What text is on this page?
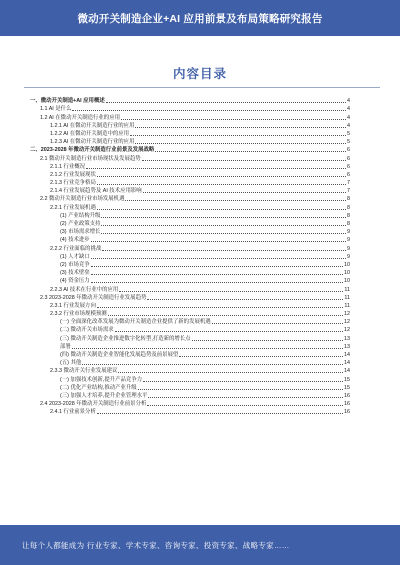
微动开关制造企业+AI 应用前景及布局策略研究报告
内容目录
一、微动开关制造+AI 应用概述	4
1.1 AI 是什么	4
1.2 AI 在微动开关制造行业的应用	4
1.2.1 AI 在微动开关制造行业的应用	4
1.2.2 AI 在微动开关制造中的应用	5
1.2.3 AI 在微动开关制造行业的应用	5
二、2023-2028 年微动开关制造行业前景及发展战略	6
2.1 微动开关制造行业市场现状及发展趋势	6
2.1.1 行业概况	6
2.1.2 行业发展现状	6
2.1.3 行业竞争格局	7
2.1.4 行业发展趋势及 AI 技术应用影响	7
2.2 微动开关制造行业市场发展机遇	8
2.2.1 行业发展机遇	8
(1) 产业结构升级	8
(2) 产业政策支持	8
(3) 市场需求增长	9
(4) 技术进步	9
2.2.2 行业面临的挑战	9
(1) 人才缺口	9
(2) 市场竞争	10
(3) 技术壁垒	10
(4) 资金压力	10
2.2.3 AI 技术在行业中的应用	11
2.3 2023-2028 年微动开关制造行业发展趋势	11
2.3.1 行业发展方向	11
2.3.2 行业市场规模预测	12
(一) 全面深化改革发展为微动开关制造企业提供了新的发展机遇	12
(二) 微动开关市场需求	12
(三) 微动开关制造企业推进数字化转型,打造新的增长点	13
部署	13
(四) 微动开关制造企业智能化发展趋势及前景展望	14
(五) 其他	14
2.3.3 微动开关行业发展建议	14
(一) 加强技术创新,提升产品竞争力	15
(二) 优化产业结构,推动产业升级	15
(三) 加强人才培养,提升企业管理水平	16
2.4 2023-2028 年微动开关制造行业前景分析	16
2.4.1 行业前景分析	16
让每个人都能成为 行业专家、学术专家、咨询专家、投资专家、战略专家……
